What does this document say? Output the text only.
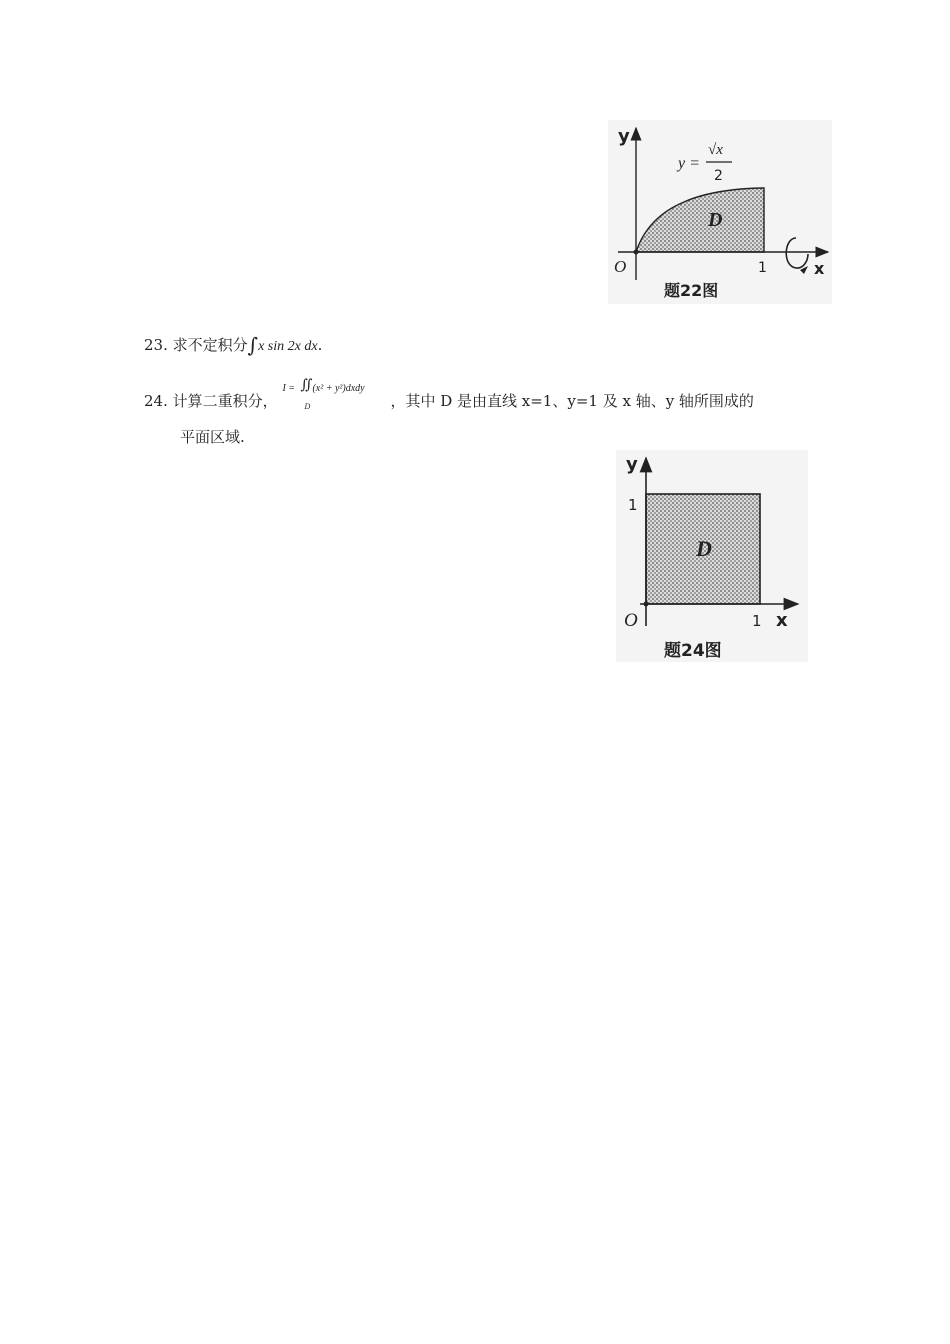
y
x
O	1
y =
√x
2
D
题22图
23. 求不定积分∫x sin 2x dx.
24. 计算二重积分，
I = ∬ (x² + y²)dxdy
D	，其中 D 是由直线 x=1、y=1 及 x 轴、y 轴所围成的
平面区域.
y
x
O	1
1
D
题24图
